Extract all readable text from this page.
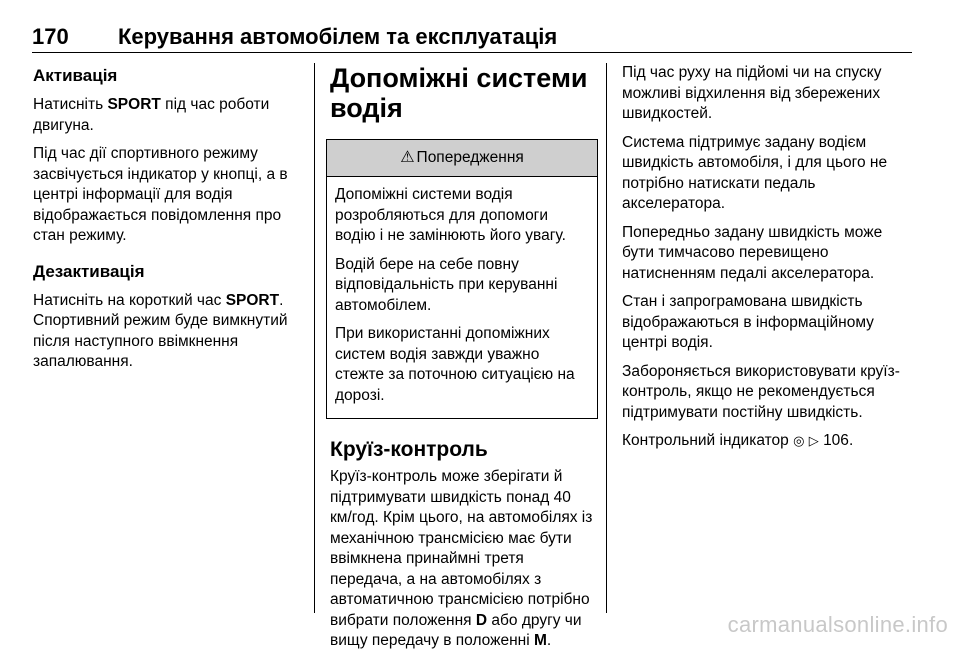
170 Керування автомобілем та експлуатація
Активація

Натисніть SPORT під час роботи двигуна.

Під час дії спортивного режиму засвічується індикатор у кнопці, а в центрі інформації для водія відображається повідомлення про стан режиму.

Дезактивація

Натисніть на короткий час SPORT. Спортивний режим буде вимкнутий після наступного ввімкнення запалювання.

Допоміжні системи водія
⚠ Попередження

Допоміжні системи водія розробляються для допомоги водію і не замінюють його увагу.

Водій бере на себе повну відповідальність при керуванні автомобілем.

При використанні допоміжних систем водія завжди уважно стежте за поточною ситуацією на дорозі.

Круїз-контроль

Круїз-контроль може зберігати й підтримувати швидкість понад 40 км/год. Крім цього, на автомобілях із механічною трансмісією має бути ввімкнена принаймні третя передача, а на автомобілях з автоматичною трансмісією потрібно вибрати положення D або другу чи вищу передачу в положенні M.

Під час руху на підйомі чи на спуску можливі відхилення від збережених швидкостей.

Система підтримує задану водієм швидкість автомобіля, і для цього не потрібно натискати педаль акселератора.

Попередньо задану швидкість може бути тимчасово перевищено натисненням педалі акселератора.

Стан і запрограмована швидкість відображаються в інформаційному центрі водія.

Забороняється використовувати круїз-контроль, якщо не рекомендується підтримувати постійну швидкість.

Контрольний індикатор ◎ ▷ 106.

carmanualsonline.info
